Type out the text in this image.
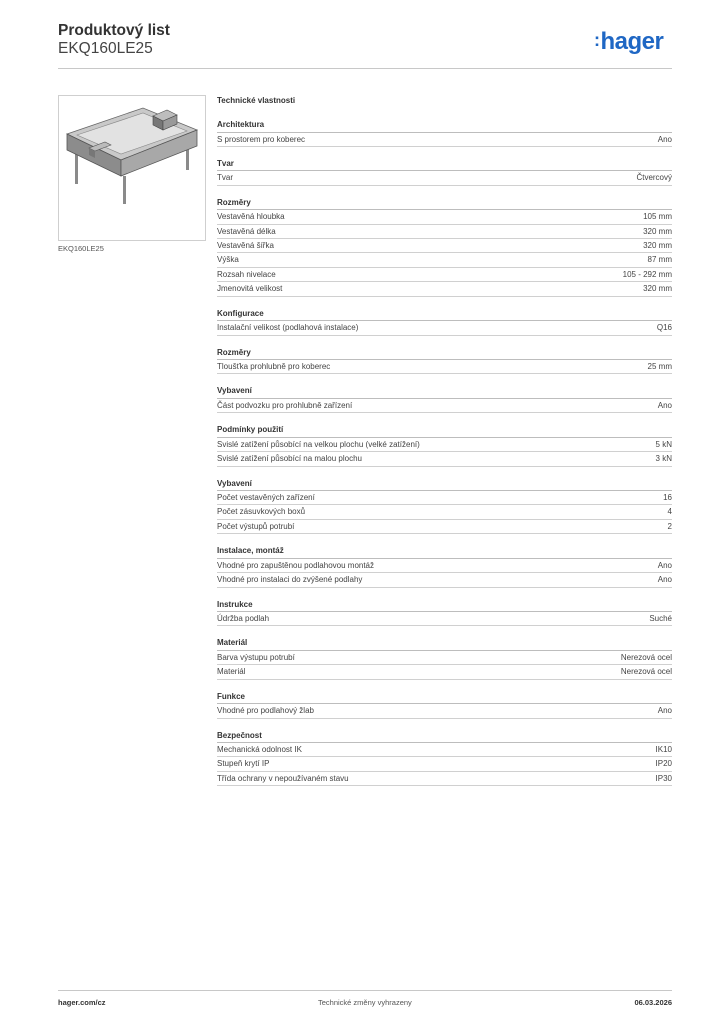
Produktový list
EKQ160LE25	:hager
EKQ160LE25
Technické vlastnosti
Architektura
S prostorem pro koberec	Ano
Tvar
Tvar	Čtvercový
Rozměry
Vestavěná hloubka	105 mm
Vestavěná délka	320 mm
Vestavěná šířka	320 mm
Výška	87 mm
Rozsah nivelace	105 - 292 mm
Jmenovitá velikost	320 mm
Konfigurace
Instalační velikost (podlahová instalace)	Q16
Rozměry
Tloušťka prohlubně pro koberec	25 mm
Vybavení
Část podvozku pro prohlubně zařízení	Ano
Podmínky použití
Svislé zatížení působící na velkou plochu (velké zatížení)	5 kN
Svislé zatížení působící na malou plochu	3 kN
Vybavení
Počet vestavěných zařízení	16
Počet zásuvkových boxů	4
Počet výstupů potrubí	2
Instalace, montáž
Vhodné pro zapuštěnou podlahovou montáž	Ano
Vhodné pro instalaci do zvýšené podlahy	Ano
Instrukce
Údržba podlah	Suché
Materiál
Barva výstupu potrubí	Nerezová ocel
Materiál	Nerezová ocel
Funkce
Vhodné pro podlahový žlab	Ano
Bezpečnost
Mechanická odolnost IK	IK10
Stupeň krytí IP	IP20
Třída ochrany v nepoužívaném stavu	IP30
hager.com/cz	Technické změny vyhrazeny	06.03.2026
